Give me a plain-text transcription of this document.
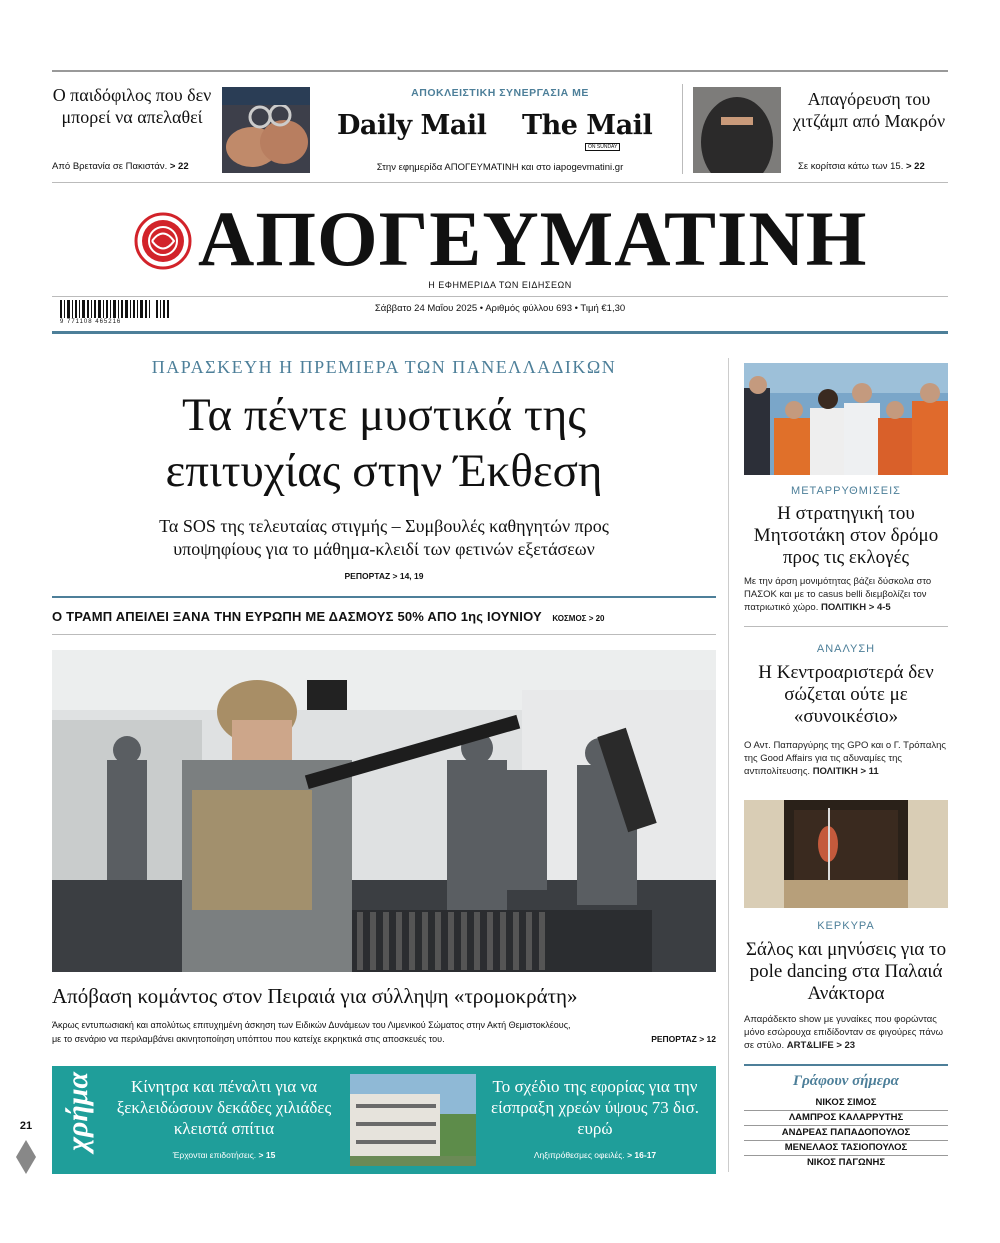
Ο παιδόφιλος που δεν μπορεί να απελαθεί
Από Βρετανία σε Πακιστάν. > 22
ΑΠΟΚΛΕΙΣΤΙΚΗ ΣΥΝΕΡΓΑΣΙΑ ΜΕ
Daily Mail The Mail
ON SUNDAY
Στην εφημερίδα ΑΠΟΓΕΥΜΑΤΙΝΗ και στο iapogevmatini.gr
Απαγόρευση του χιτζάμπ από Μακρόν
Σε κορίτσια κάτω των 15. > 22
ΑΠΟΓΕΥΜΑΤΙΝΗ
Η ΕΦΗΜΕΡΙΔΑ ΤΩΝ ΕΙΔΗΣΕΩΝ
9 771108 465216
Σάββατο 24 Μαΐου 2025 • Αριθμός φύλλου 693 • Τιμή €1,30
ΠΑΡΑΣΚΕΥΗ Η ΠΡΕΜΙΕΡΑ ΤΩΝ ΠΑΝΕΛΛΑΔΙΚΩΝ
Τα πέντε μυστικά της
επιτυχίας στην Έκθεση
Τα SOS της τελευταίας στιγμής – Συμβουλές καθηγητών προς
υποψηφίους για το μάθημα-κλειδί των φετινών εξετάσεων
ΡΕΠΟΡΤΑΖ > 14, 19
Ο ΤΡΑΜΠ ΑΠΕΙΛΕΙ ΞΑΝΑ ΤΗΝ ΕΥΡΩΠΗ ΜΕ ΔΑΣΜΟΥΣ 50% ΑΠΟ 1ης ΙΟΥΝΙΟΥ ΚΟΣΜΟΣ > 20
Απόβαση κομάντος στον Πειραιά για σύλληψη «τρομοκράτη»
Άκρως εντυπωσιακή και απολύτως επιτυχημένη άσκηση των Ειδικών Δυνάμεων του Λιμενικού Σώματος στην Ακτή Θεμιστοκλέους,
με το σενάριο να περιλαμβάνει ακινητοποίηση υπόπτου που κατείχε εκρηκτικά στις αποσκευές του.	ΡΕΠΟΡΤΑΖ > 12
χρήμα	Κίνητρα και πέναλτι για να ξεκλειδώσουν δεκάδες χιλιάδες κλειστά σπίτια
Έρχονται επιδοτήσεις. > 15
Το σχέδιο της εφορίας για την είσπραξη χρεών ύψους 73 δισ. ευρώ
Ληξιπρόθεσμες οφειλές. > 16-17
21
ΜΕΤΑΡΡΥΘΜΙΣΕΙΣ
Η στρατηγική του Μητσοτάκη στον δρόμο προς τις εκλογές
Με την άρση μονιμότητας βάζει δύσκολα στο ΠΑΣΟΚ και με το casus belli διεμβολίζει τον πατριωτικό χώρο. ΠΟΛΙΤΙΚΗ > 4-5
ΑΝΑΛΥΣΗ
Η Κεντροαριστερά δεν σώζεται ούτε με «συνοικέσιο»
Ο Αντ. Παπαργύρης της GPO και ο Γ. Τρόπαλης της Good Affairs για τις αδυναμίες της αντιπολίτευσης. ΠΟΛΙΤΙΚΗ > 11
ΚΕΡΚΥΡΑ
Σάλος και μηνύσεις για το pole dancing στα Παλαιά Ανάκτορα
Απαράδεκτο show με γυναίκες που φορώντας μόνο εσώρουχα επιδίδονταν σε φιγούρες πάνω σε στύλο. ART&LIFE > 23
Γράφουν σήμερα
ΝΙΚΟΣ ΣΙΜΟΣ
ΛΑΜΠΡΟΣ ΚΑΛΑΡΡΥΤΗΣ
ΑΝΔΡΕΑΣ ΠΑΠΑΔΟΠΟΥΛΟΣ
ΜΕΝΕΛΑΟΣ ΤΑΣΙΟΠΟΥΛΟΣ
ΝΙΚΟΣ ΠΑΓΩΝΗΣ
